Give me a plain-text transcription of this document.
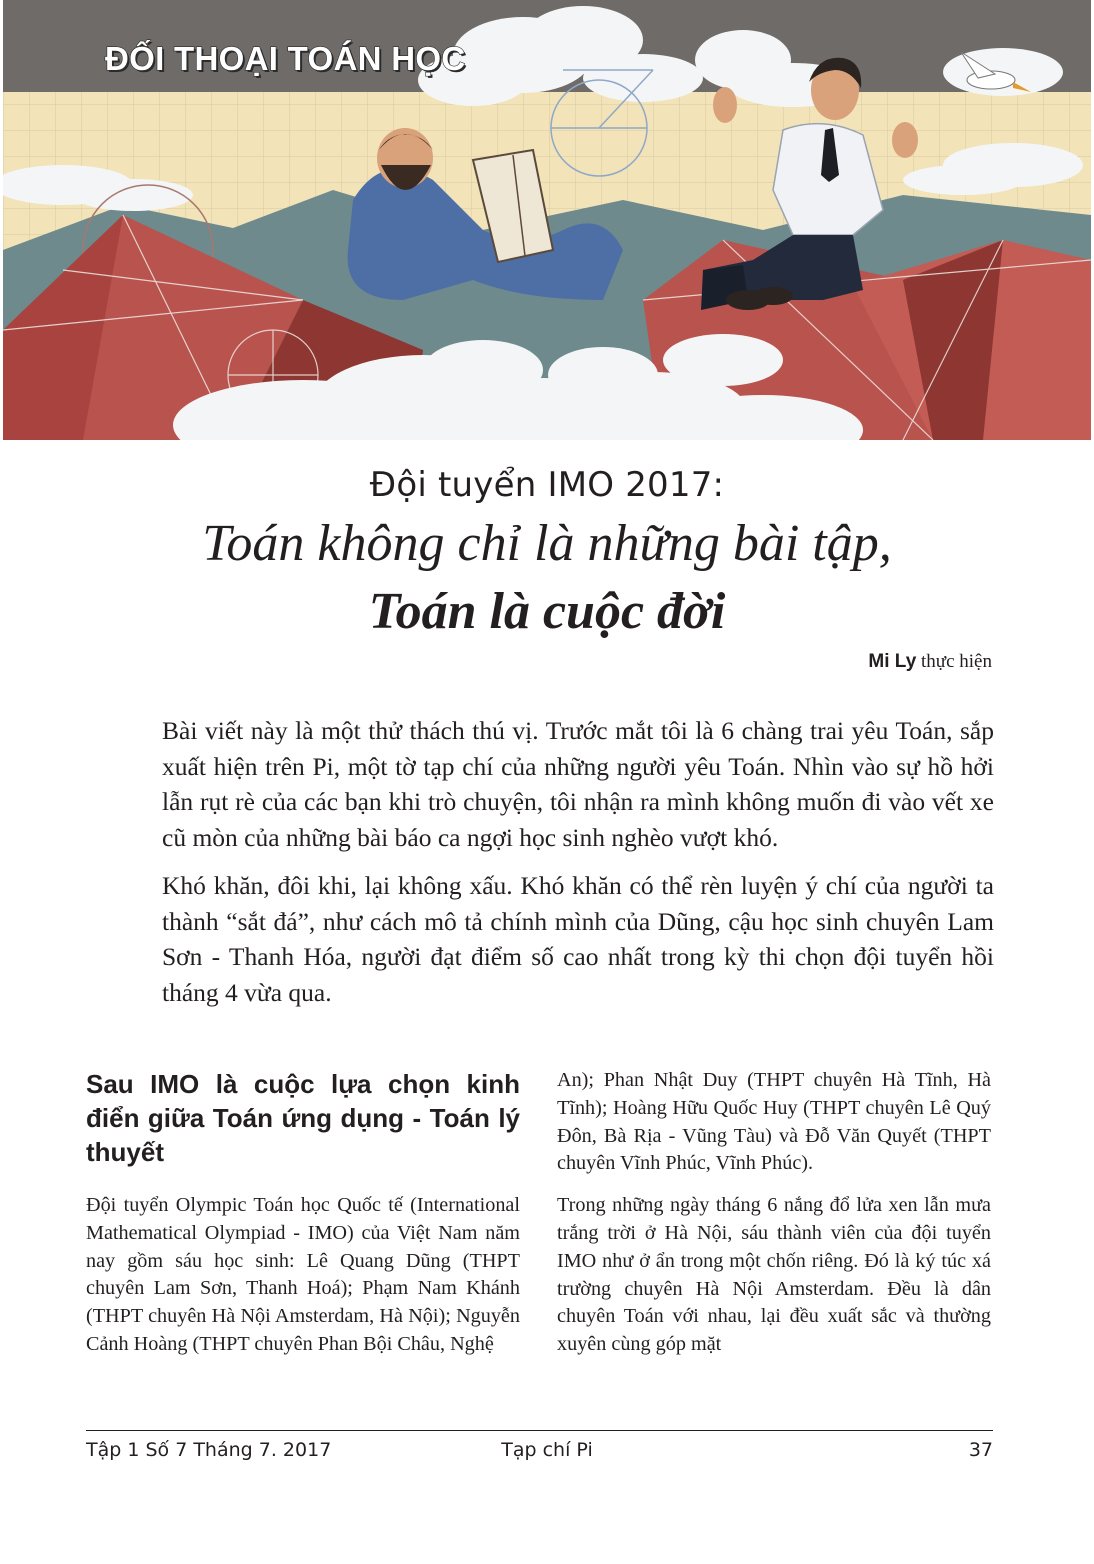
ĐỐI THOẠI TOÁN HỌC
Đội tuyển IMO 2017:
Toán không chỉ là những bài tập,
Toán là cuộc đời
Mi Ly thực hiện

Bài viết này là một thử thách thú vị. Trước mắt tôi là 6 chàng trai yêu Toán, sắp xuất hiện trên Pi, một tờ tạp chí của những người yêu Toán. Nhìn vào sự hồ hởi lẫn rụt rè của các bạn khi trò chuyện, tôi nhận ra mình không muốn đi vào vết xe cũ mòn của những bài báo ca ngợi học sinh nghèo vượt khó.

Khó khăn, đôi khi, lại không xấu. Khó khăn có thể rèn luyện ý chí của người ta thành “sắt đá”, như cách mô tả chính mình của Dũng, cậu học sinh chuyên Lam Sơn - Thanh Hóa, người đạt điểm số cao nhất trong kỳ thi chọn đội tuyển hồi tháng 4 vừa qua.

Sau IMO là cuộc lựa chọn kinh điển giữa Toán ứng dụng - Toán lý thuyết

Đội tuyển Olympic Toán học Quốc tế (International Mathematical Olympiad - IMO) của Việt Nam năm nay gồm sáu học sinh: Lê Quang Dũng (THPT chuyên Lam Sơn, Thanh Hoá); Phạm Nam Khánh (THPT chuyên Hà Nội Amsterdam, Hà Nội); Nguyễn Cảnh Hoàng (THPT chuyên Phan Bội Châu, Nghệ

An); Phan Nhật Duy (THPT chuyên Hà Tĩnh, Hà Tĩnh); Hoàng Hữu Quốc Huy (THPT chuyên Lê Quý Đôn, Bà Rịa - Vũng Tàu) và Đỗ Văn Quyết (THPT chuyên Vĩnh Phúc, Vĩnh Phúc).

Trong những ngày tháng 6 nắng đổ lửa xen lẫn mưa trắng trời ở Hà Nội, sáu thành viên của đội tuyển IMO như ở ẩn trong một chốn riêng. Đó là ký túc xá trường chuyên Hà Nội Amsterdam. Đều là dân chuyên Toán với nhau, lại đều xuất sắc và thường xuyên cùng góp mặt

Tập 1 Số 7 Tháng 7. 2017	Tạp chí Pi	37
